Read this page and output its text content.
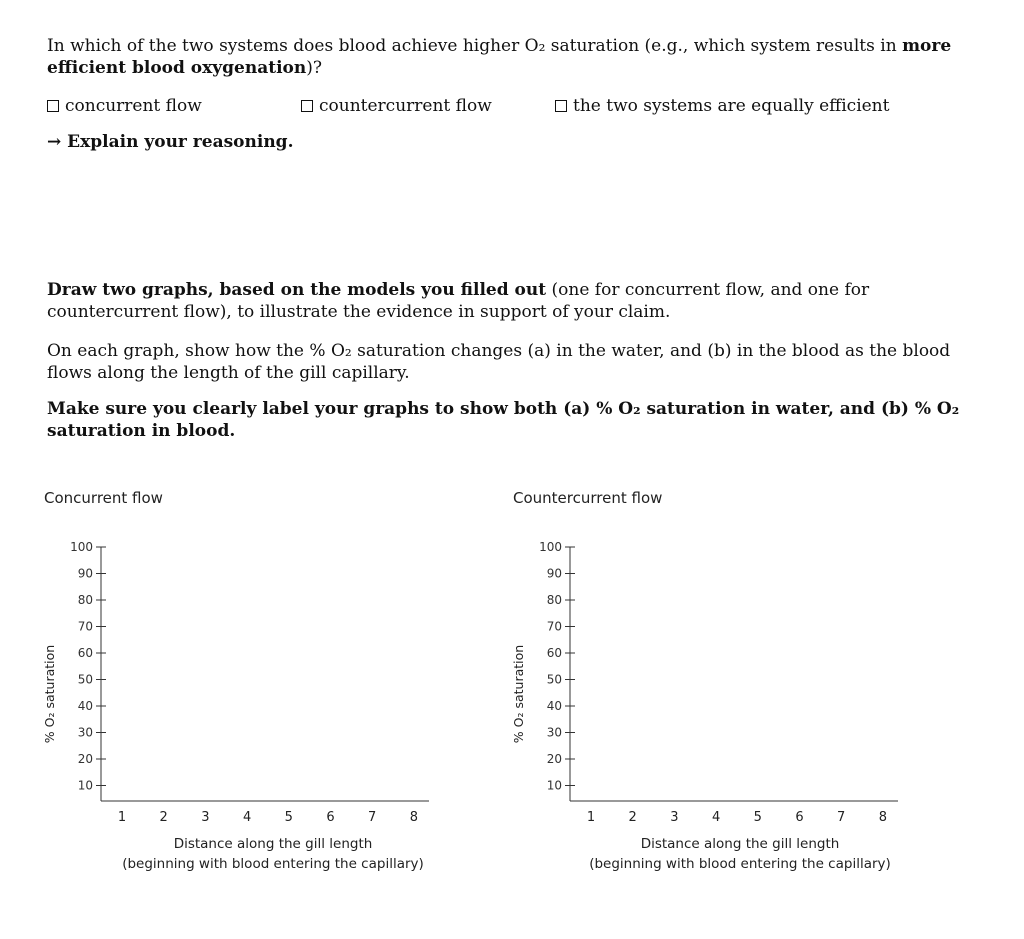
In which of the two systems does blood achieve higher O₂ saturation (e.g., which system results in more efficient blood oxygenation)?

concurrent flow	countercurrent flow	the two systems are equally efficient

→ Explain your reasoning.

Draw two graphs, based on the models you filled out (one for concurrent flow, and one for countercurrent flow), to illustrate the evidence in support of your claim.

On each graph, show how the % O₂ saturation changes (a) in the water, and (b) in the blood as the blood flows along the length of the gill capillary.

Make sure you clearly label your graphs to show both (a) % O₂ saturation in water, and (b) % O₂ saturation in blood.

Concurrent flow
100
90
80
70
60
50
40
30
20
10
1	2	3	4	5	6	7	8
% O₂ saturation
Distance along the gill length
(beginning with blood entering the capillary)
Countercurrent flow
100
90
80
70
60
50
40
30
20
10
1	2	3	4	5	6	7	8
% O₂ saturation
Distance along the gill length
(beginning with blood entering the capillary)
